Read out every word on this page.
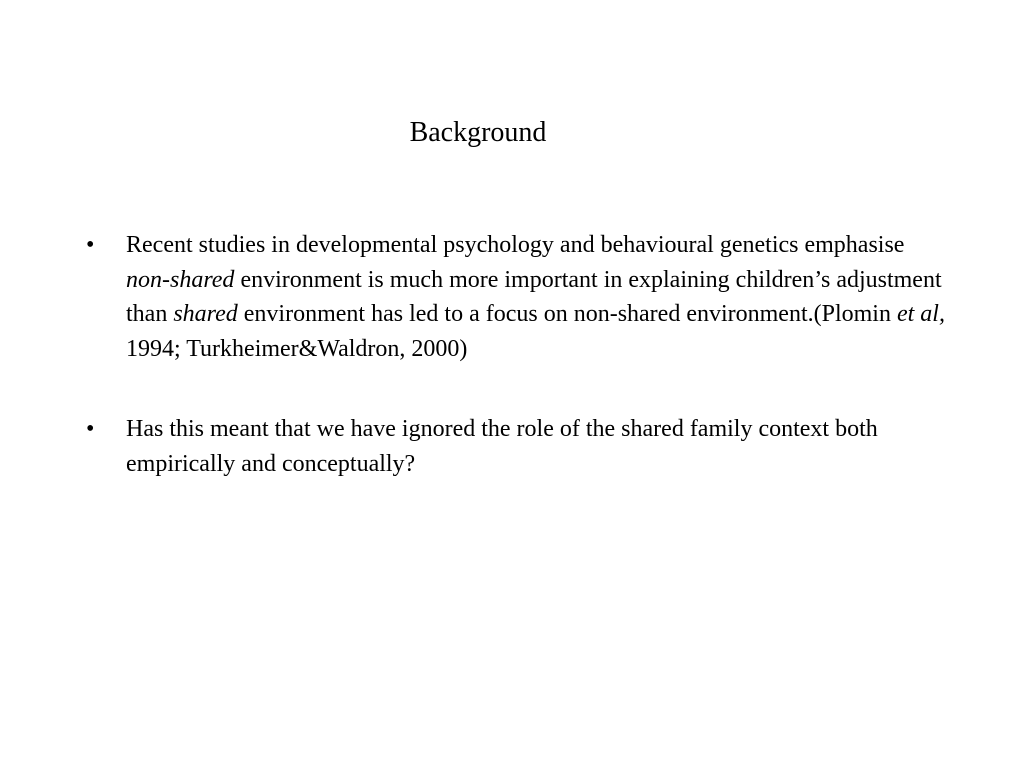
Background
• Recent studies in developmental psychology and behavioural genetics emphasise non-shared environment is much more important in explaining children’s adjustment than shared environment has led to a focus on non-shared environment.(Plomin et al, 1994; Turkheimer&Waldron, 2000)
• Has this meant that we have ignored the role of the shared family context both empirically and conceptually?
